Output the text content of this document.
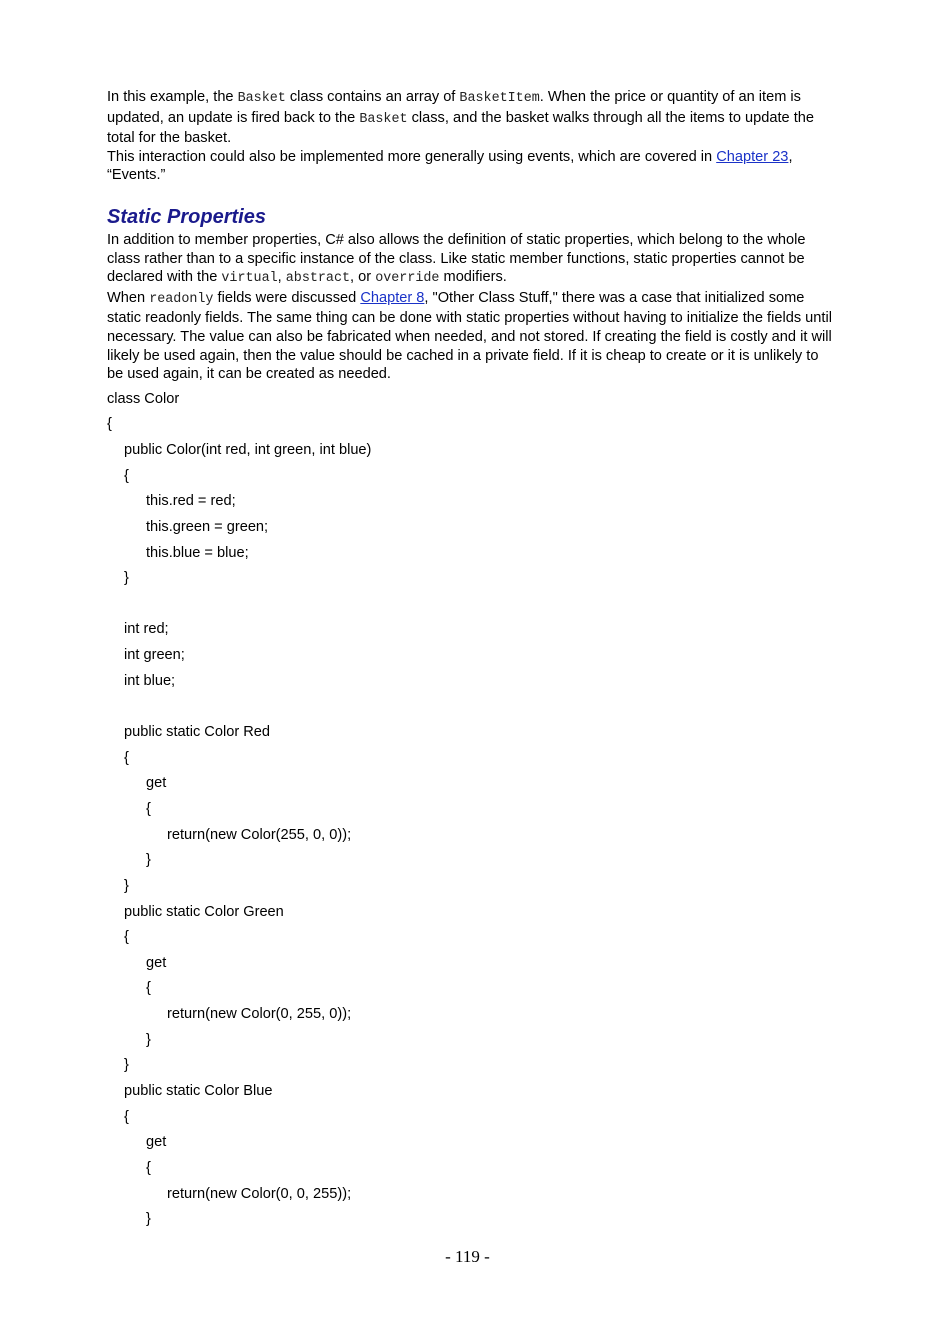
In this example, the Basket class contains an array of BasketItem. When the price or quantity of an item is updated, an update is fired back to the Basket class, and the basket walks through all the items to update the total for the basket.

This interaction could also be implemented more generally using events, which are covered in Chapter 23, “Events.”

Static Properties

In addition to member properties, C# also allows the definition of static properties, which belong to the whole class rather than to a specific instance of the class. Like static member functions, static properties cannot be declared with the virtual, abstract, or override modifiers.

When readonly fields were discussed Chapter 8, "Other Class Stuff," there was a case that initialized some static readonly fields. The same thing can be done with static properties without having to initialize the fields until necessary. The value can also be fabricated when needed, and not stored. If creating the field is costly and it will likely be used again, then the value should be cached in a private field. If it is cheap to create or it is unlikely to be used again, it can be created as needed.

class Color
{
public Color(int red, int green, int blue)
{
this.red = red;
this.green = green;
this.blue = blue;
}
int red;
int green;
int blue;
public static Color Red
{
get
{
return(new Color(255, 0, 0));
}
}
public static Color Green
{
get
{
return(new Color(0, 255, 0));
}
}
public static Color Blue
{
get
{
return(new Color(0, 0, 255));
}
- 119 -
